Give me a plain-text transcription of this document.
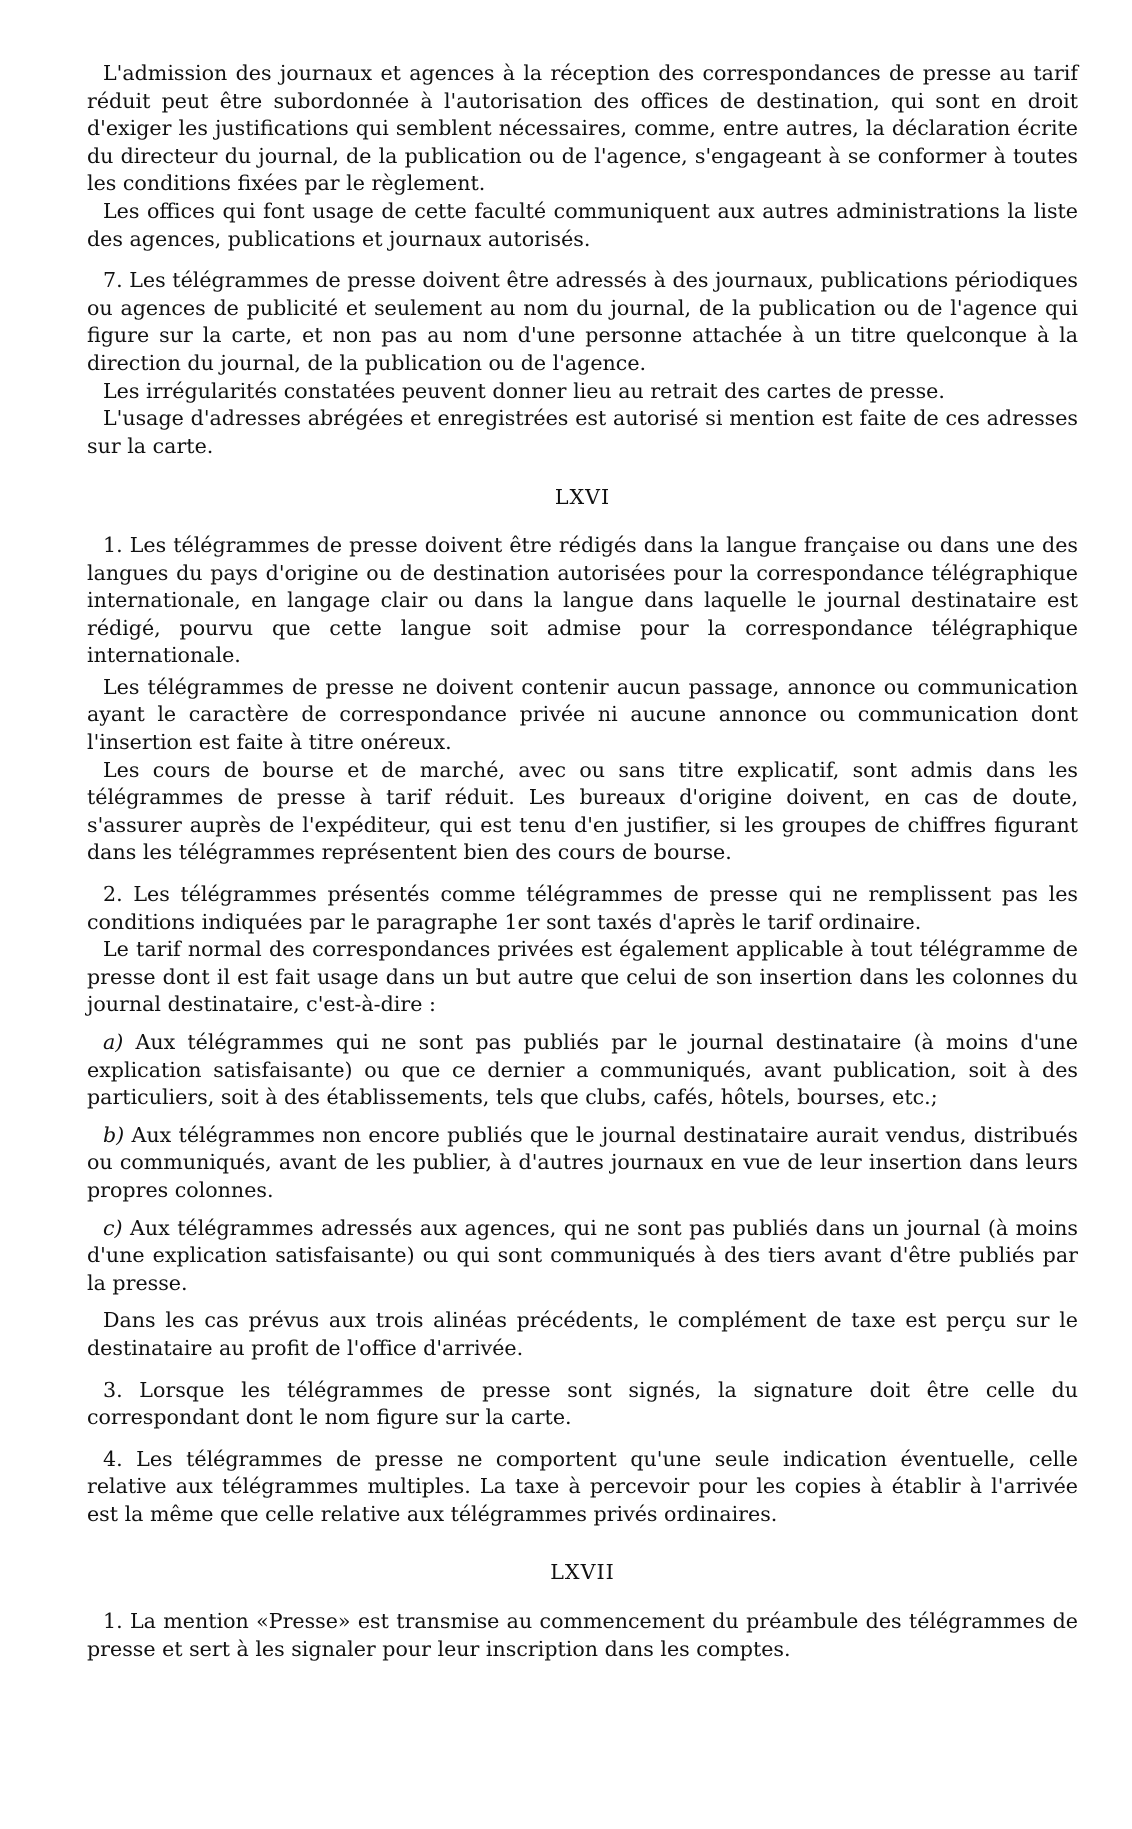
L'admission des journaux et agences à la réception des correspondances de presse au tarif réduit peut être subordonnée à l'autorisation des offices de destination, qui sont en droit d'exiger les justifications qui semblent nécessaires, comme, entre autres, la déclaration écrite du directeur du journal, de la publication ou de l'agence, s'engageant à se conformer à toutes les conditions fixées par le règlement.

Les offices qui font usage de cette faculté communiquent aux autres administrations la liste des agences, publications et journaux autorisés.

7. Les télégrammes de presse doivent être adressés à des journaux, publications périodiques ou agences de publicité et seulement au nom du journal, de la publication ou de l'agence qui figure sur la carte, et non pas au nom d'une personne attachée à un titre quelconque à la direction du journal, de la publication ou de l'agence.

Les irrégularités constatées peuvent donner lieu au retrait des cartes de presse.

L'usage d'adresses abrégées et enregistrées est autorisé si mention est faite de ces adresses sur la carte.

LXVI

1. Les télégrammes de presse doivent être rédigés dans la langue française ou dans une des langues du pays d'origine ou de destination autorisées pour la correspondance télégraphique internationale, en langage clair ou dans la langue dans laquelle le journal destinataire est rédigé, pourvu que cette langue soit admise pour la correspondance télégraphique internationale.

Les télégrammes de presse ne doivent contenir aucun passage, annonce ou communication ayant le caractère de correspondance privée ni aucune annonce ou communication dont l'insertion est faite à titre onéreux.

Les cours de bourse et de marché, avec ou sans titre explicatif, sont admis dans les télégrammes de presse à tarif réduit. Les bureaux d'origine doivent, en cas de doute, s'assurer auprès de l'expéditeur, qui est tenu d'en justifier, si les groupes de chiffres figurant dans les télégrammes représentent bien des cours de bourse.

2. Les télégrammes présentés comme télégrammes de presse qui ne remplissent pas les conditions indiquées par le paragraphe 1er sont taxés d'après le tarif ordinaire.

Le tarif normal des correspondances privées est également applicable à tout télégramme de presse dont il est fait usage dans un but autre que celui de son insertion dans les colonnes du journal destinataire, c'est-à-dire :

a) Aux télégrammes qui ne sont pas publiés par le journal destinataire (à moins d'une explication satisfaisante) ou que ce dernier a communiqués, avant publication, soit à des particuliers, soit à des établissements, tels que clubs, cafés, hôtels, bourses, etc.;

b) Aux télégrammes non encore publiés que le journal destinataire aurait vendus, distribués ou communiqués, avant de les publier, à d'autres journaux en vue de leur insertion dans leurs propres colonnes.

c) Aux télégrammes adressés aux agences, qui ne sont pas publiés dans un journal (à moins d'une explication satisfaisante) ou qui sont communiqués à des tiers avant d'être publiés par la presse.

Dans les cas prévus aux trois alinéas précédents, le complément de taxe est perçu sur le destinataire au profit de l'office d'arrivée.

3. Lorsque les télégrammes de presse sont signés, la signature doit être celle du correspondant dont le nom figure sur la carte.

4. Les télégrammes de presse ne comportent qu'une seule indication éventuelle, celle relative aux télégrammes multiples. La taxe à percevoir pour les copies à établir à l'arrivée est la même que celle relative aux télégrammes privés ordinaires.

LXVII

1. La mention «Presse» est transmise au commencement du préambule des télégrammes de presse et sert à les signaler pour leur inscription dans les comptes.
